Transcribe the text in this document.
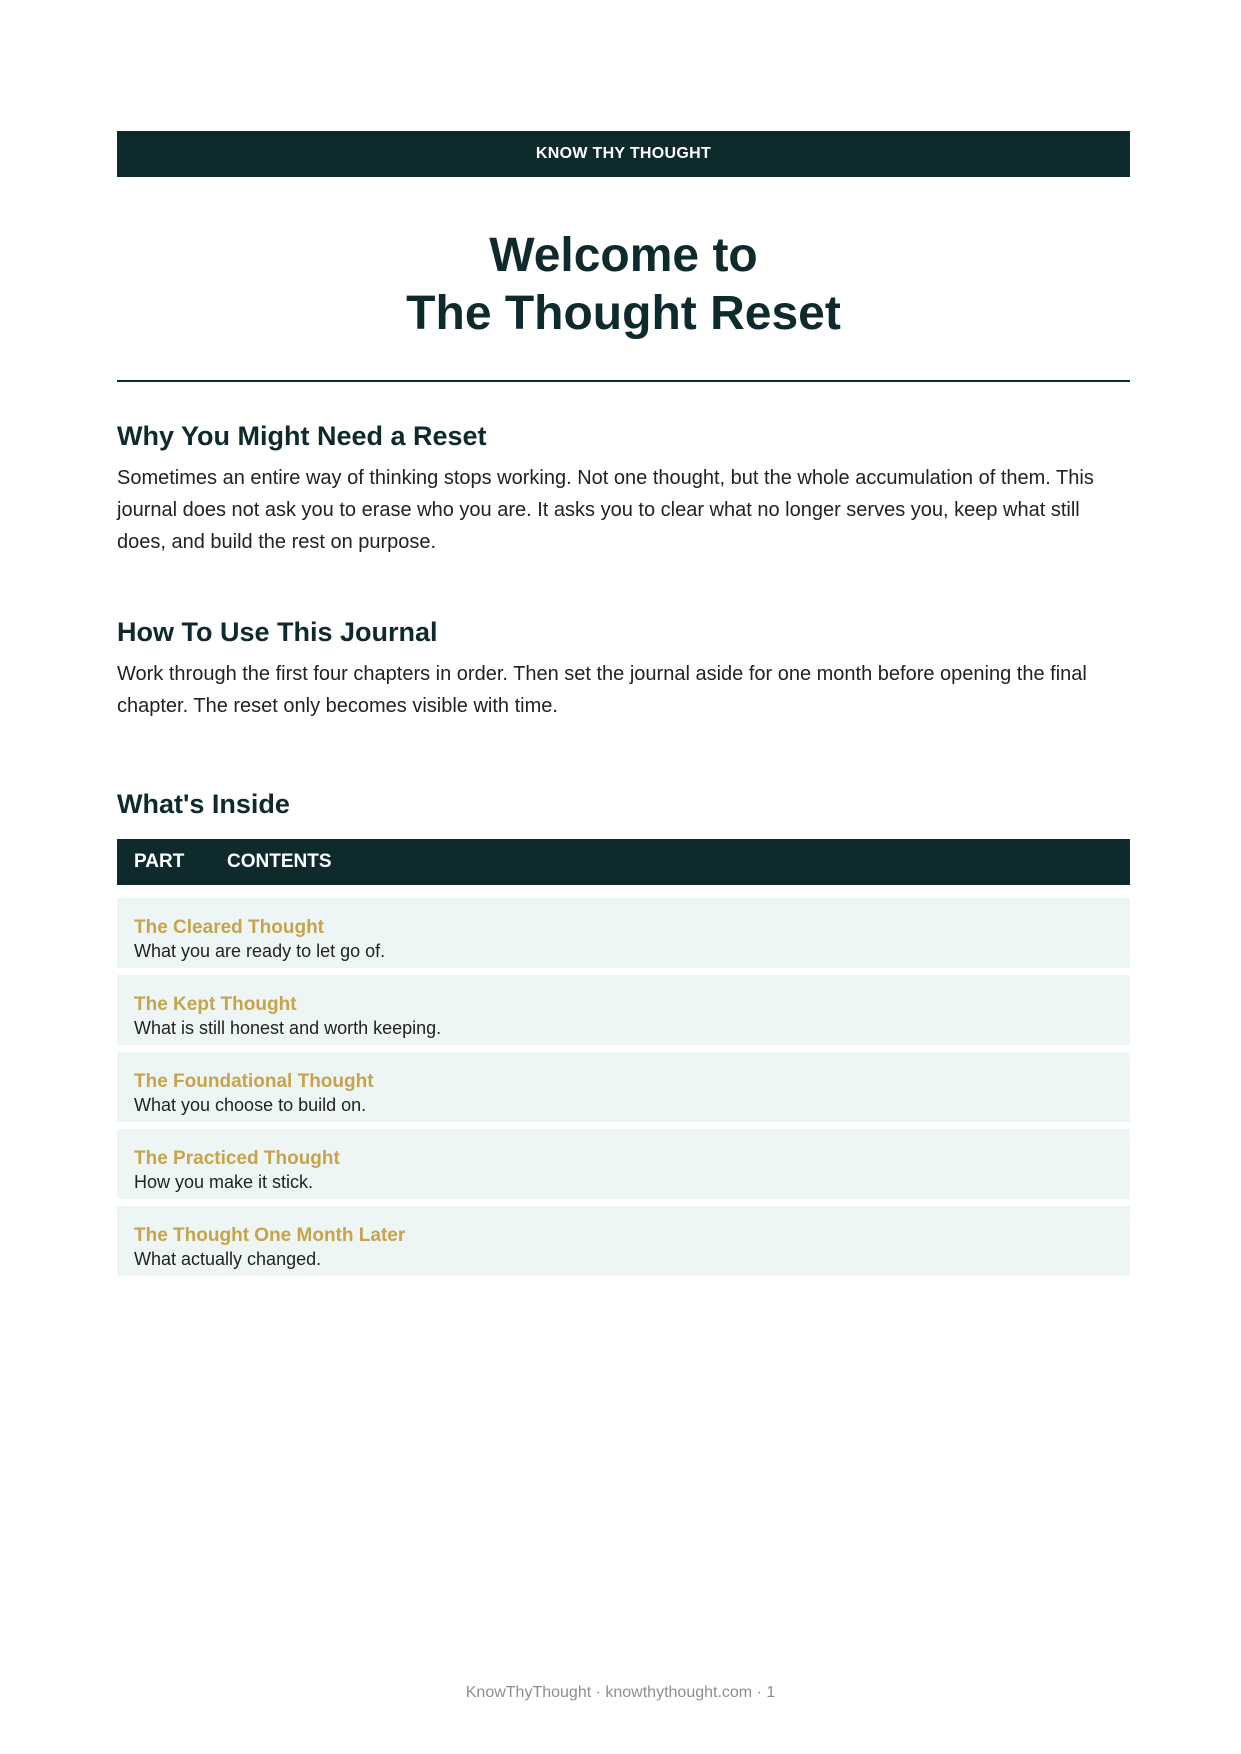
KNOW THY THOUGHT
Welcome to
The Thought Reset
Why You Might Need a Reset

Sometimes an entire way of thinking stops working. Not one thought, but the whole accumulation of them. This journal does not ask you to erase who you are. It asks you to clear what no longer serves you, keep what still does, and build the rest on purpose.

How To Use This Journal

Work through the first four chapters in order. Then set the journal aside for one month before opening the final chapter. The reset only becomes visible with time.

What's Inside
PART	CONTENTS
The Cleared Thought
What you are ready to let go of.
The Kept Thought
What is still honest and worth keeping.
The Foundational Thought
What you choose to build on.
The Practiced Thought
How you make it stick.
The Thought One Month Later
What actually changed.
KnowThyThought · knowthythought.com · 1
